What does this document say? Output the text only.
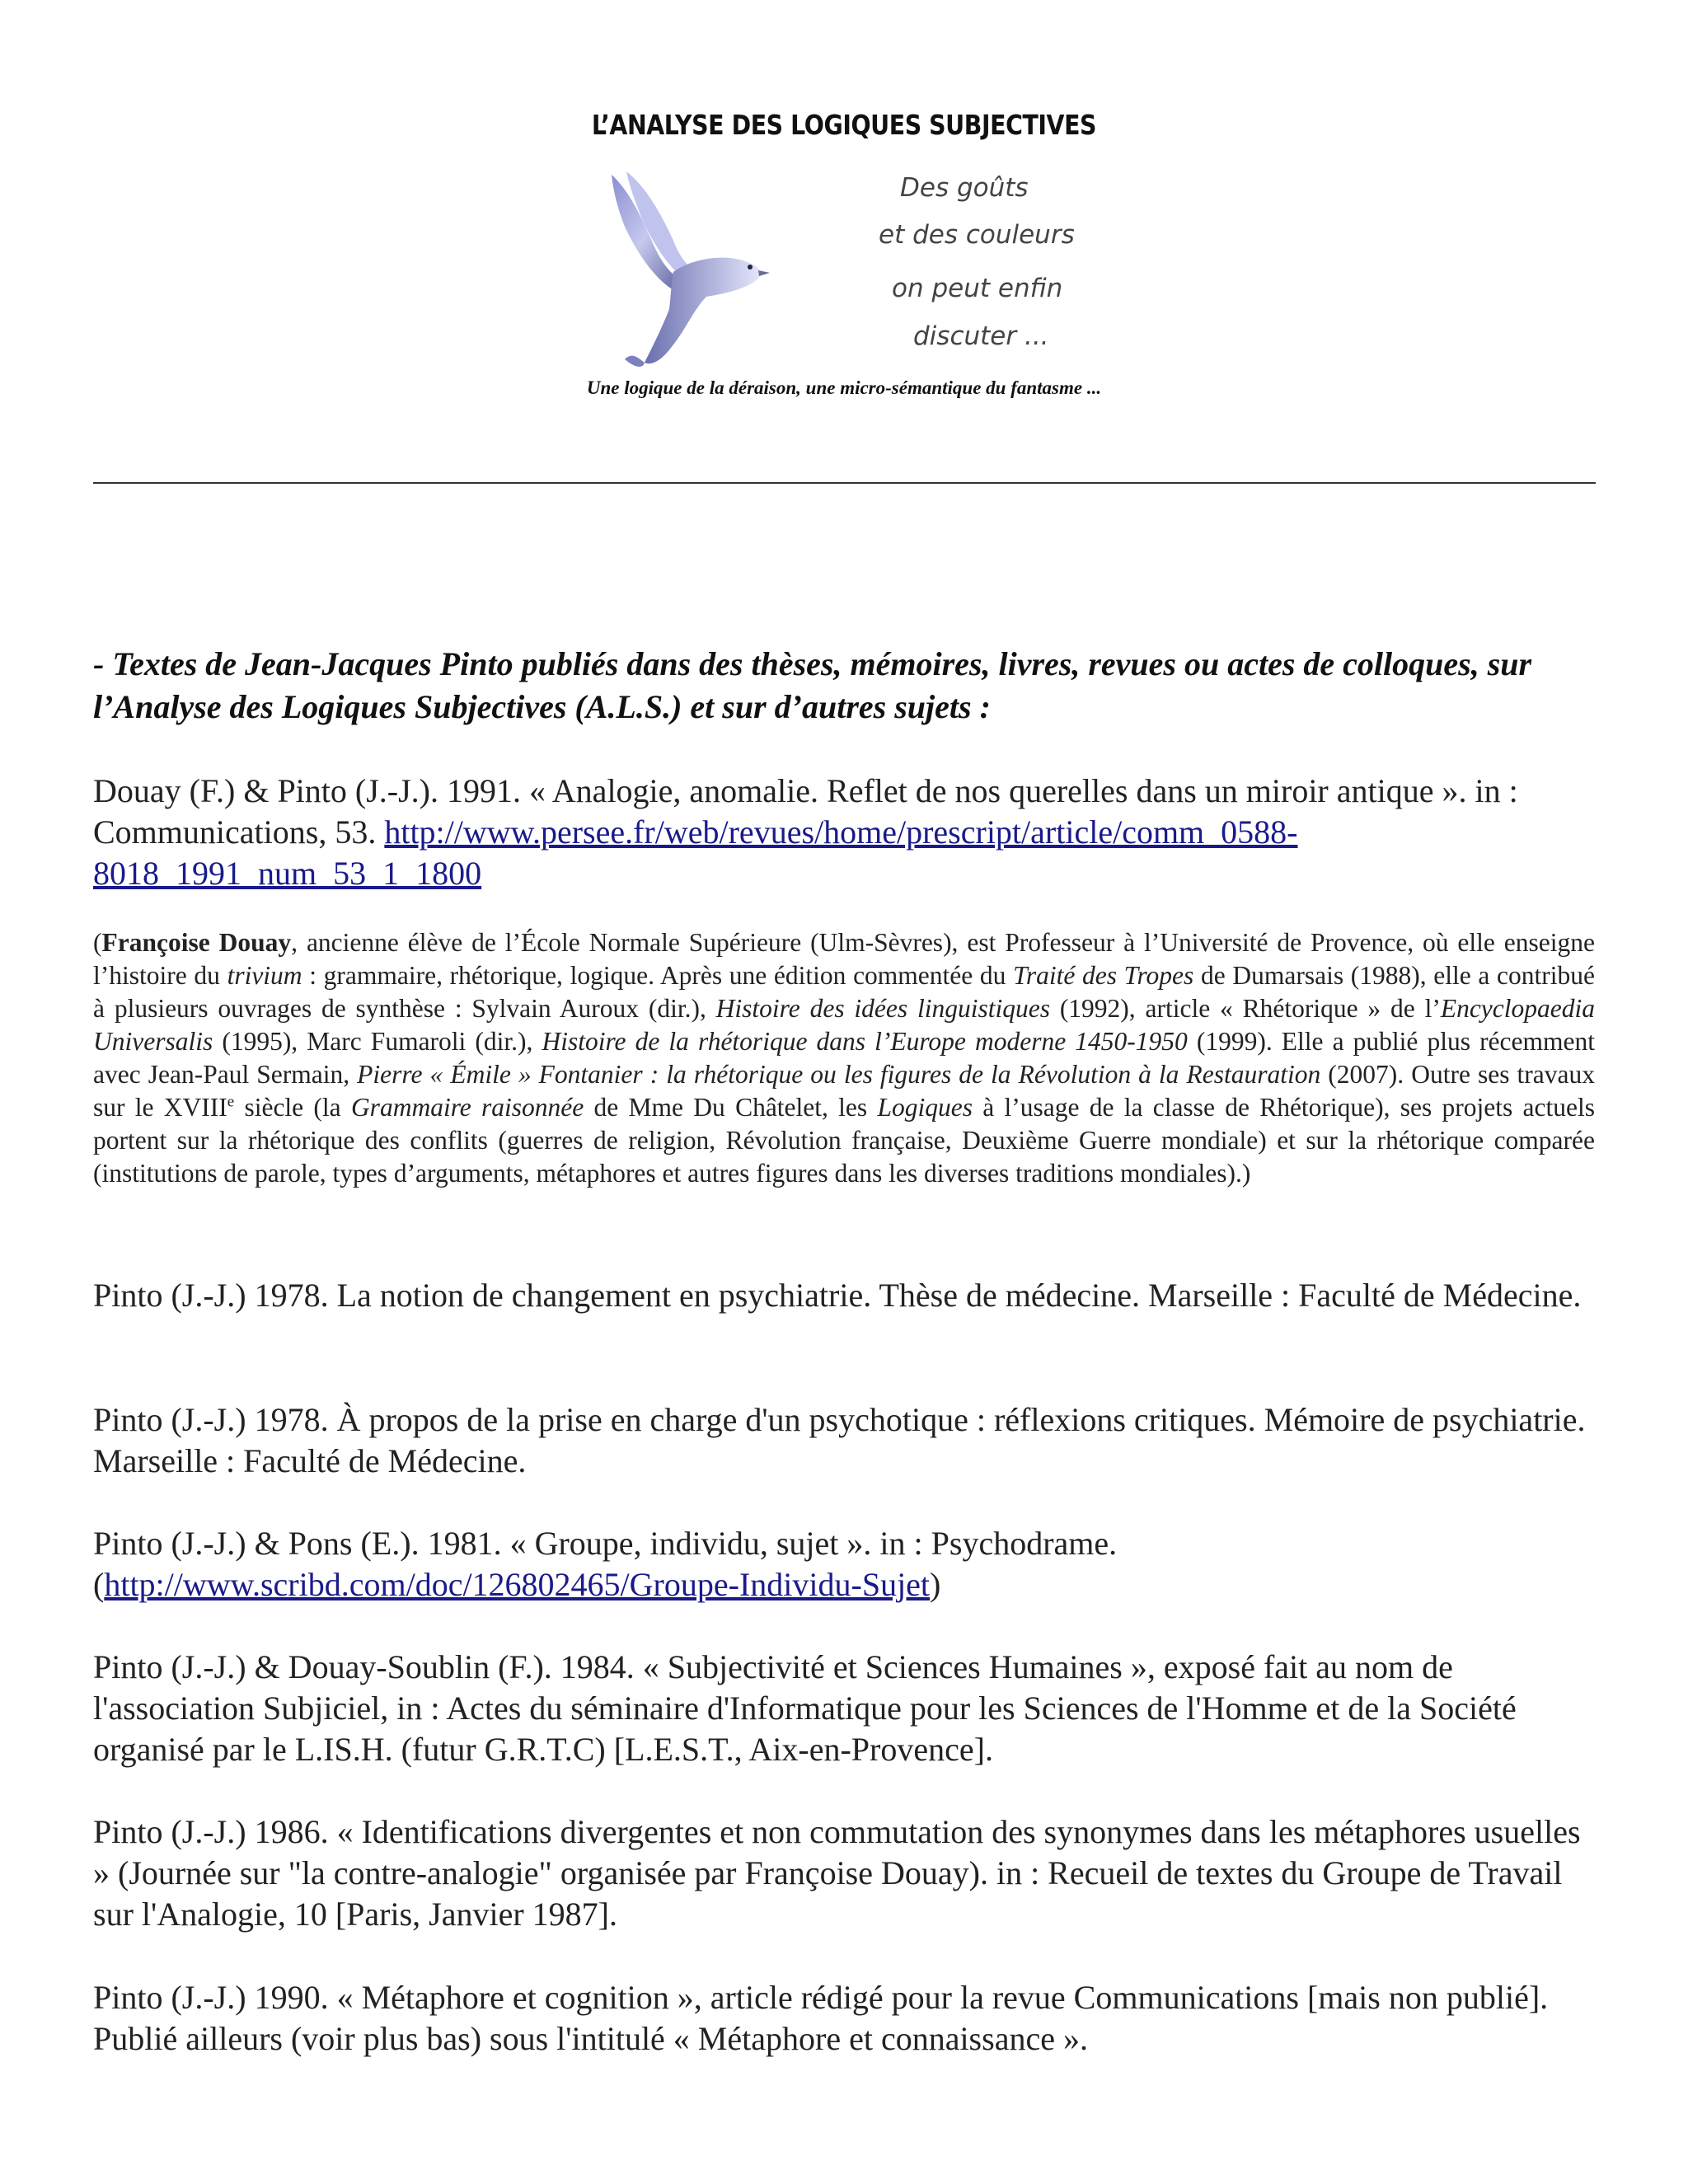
L’ANALYSE DES LOGIQUES SUBJECTIVES
Des goûts
et des couleurs
on peut enfin
discuter ...
Une logique de la déraison, une micro-sémantique du fantasme ...
- Textes de Jean-Jacques Pinto publiés dans des thèses, mémoires, livres, revues ou actes de colloques, sur l’Analyse des Logiques Subjectives (A.L.S.) et sur d’autres sujets :
Douay (F.) & Pinto (J.-J.). 1991. « Analogie, anomalie. Reflet de nos querelles dans un miroir antique ». in : Communications, 53. http://www.persee.fr/web/revues/home/prescript/article/comm_0588-
8018_1991_num_53_1_1800
(Françoise Douay, ancienne élève de l’École Normale Supérieure (Ulm-Sèvres), est Professeur à l’Université de Provence, où elle enseigne l’histoire du trivium : grammaire, rhétorique, logique. Après une édition commentée du Traité des Tropes de Dumarsais (1988), elle a contribué à plusieurs ouvrages de synthèse : Sylvain Auroux (dir.), Histoire des idées linguistiques (1992), article « Rhétorique » de l’Encyclopaedia Universalis (1995), Marc Fumaroli (dir.), Histoire de la rhétorique dans l’Europe moderne 1450-1950 (1999). Elle a publié plus récemment avec Jean-Paul Sermain, Pierre « Émile » Fontanier : la rhétorique ou les figures de la Révolution à la Restauration (2007). Outre ses travaux sur le XVIIIe siècle (la Grammaire raisonnée de Mme Du Châtelet, les Logiques à l’usage de la classe de Rhétorique), ses projets actuels portent sur la rhétorique des conflits (guerres de religion, Révolution française, Deuxième Guerre mondiale) et sur la rhétorique comparée (institutions de parole, types d’arguments, métaphores et autres figures dans les diverses traditions mondiales).)
Pinto (J.-J.) 1978. La notion de changement en psychiatrie. Thèse de médecine. Marseille : Faculté de Médecine.
Pinto (J.-J.) 1978. À propos de la prise en charge d'un psychotique : réflexions critiques. Mémoire de psychiatrie. Marseille : Faculté de Médecine.
Pinto (J.-J.) & Pons (E.). 1981. « Groupe, individu, sujet ». in : Psychodrame.
(http://www.scribd.com/doc/126802465/Groupe-Individu-Sujet)
Pinto (J.-J.) & Douay-Soublin (F.). 1984. « Subjectivité et Sciences Humaines », exposé fait au nom de l'association Subjiciel, in : Actes du séminaire d'Informatique pour les Sciences de l'Homme et de la Société organisé par le L.IS.H. (futur G.R.T.C) [L.E.S.T., Aix-en-Provence].
Pinto (J.-J.) 1986. « Identifications divergentes et non commutation des synonymes dans les métaphores usuelles » (Journée sur "la contre-analogie" organisée par Françoise Douay). in : Recueil de textes du Groupe de Travail sur l'Analogie, 10 [Paris, Janvier 1987].
Pinto (J.-J.) 1990. « Métaphore et cognition », article rédigé pour la revue Communications [mais non publié]. Publié ailleurs (voir plus bas) sous l'intitulé « Métaphore et connaissance ».
